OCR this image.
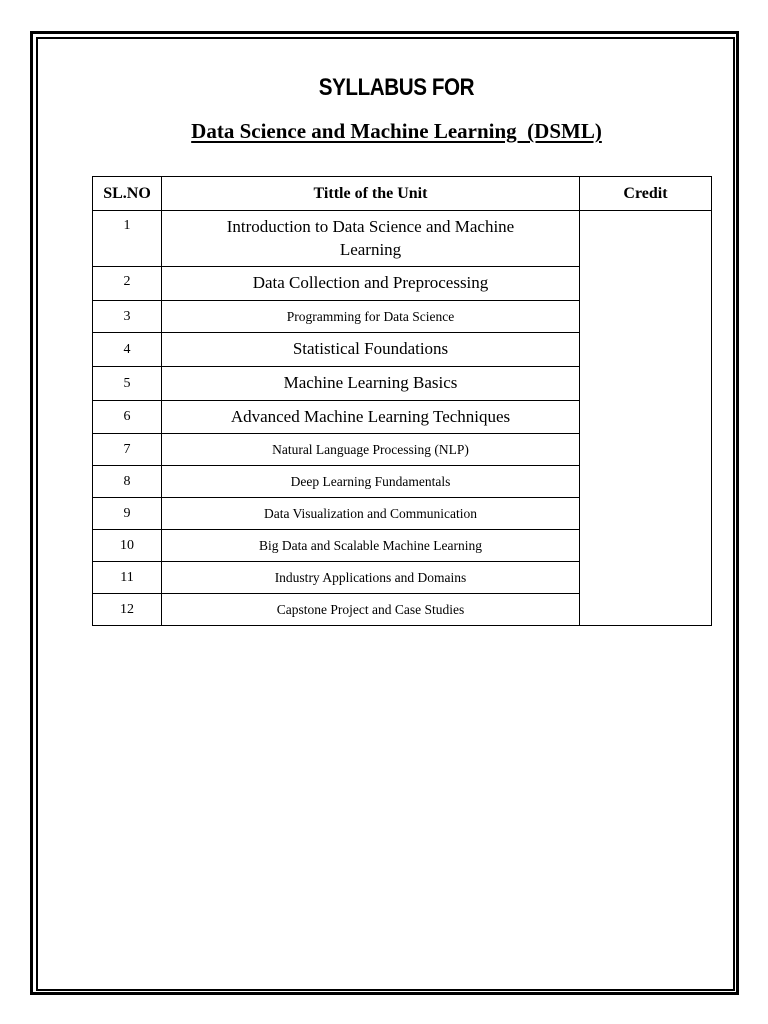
SYLLABUS FOR
Data Science and Machine Learning  (DSML)
SL.NO	Tittle of the Unit	Credit
1	Introduction to Data Science and Machine Learning	
2	Data Collection and Preprocessing	
3	Programming for Data Science	
4	Statistical Foundations	
5	Machine Learning Basics	
6	Advanced Machine Learning Techniques	
7	Natural Language Processing (NLP)	
8	Deep Learning Fundamentals	
9	Data Visualization and Communication	
10	Big Data and Scalable Machine Learning	
11	Industry Applications and Domains	
12	Capstone Project and Case Studies	
